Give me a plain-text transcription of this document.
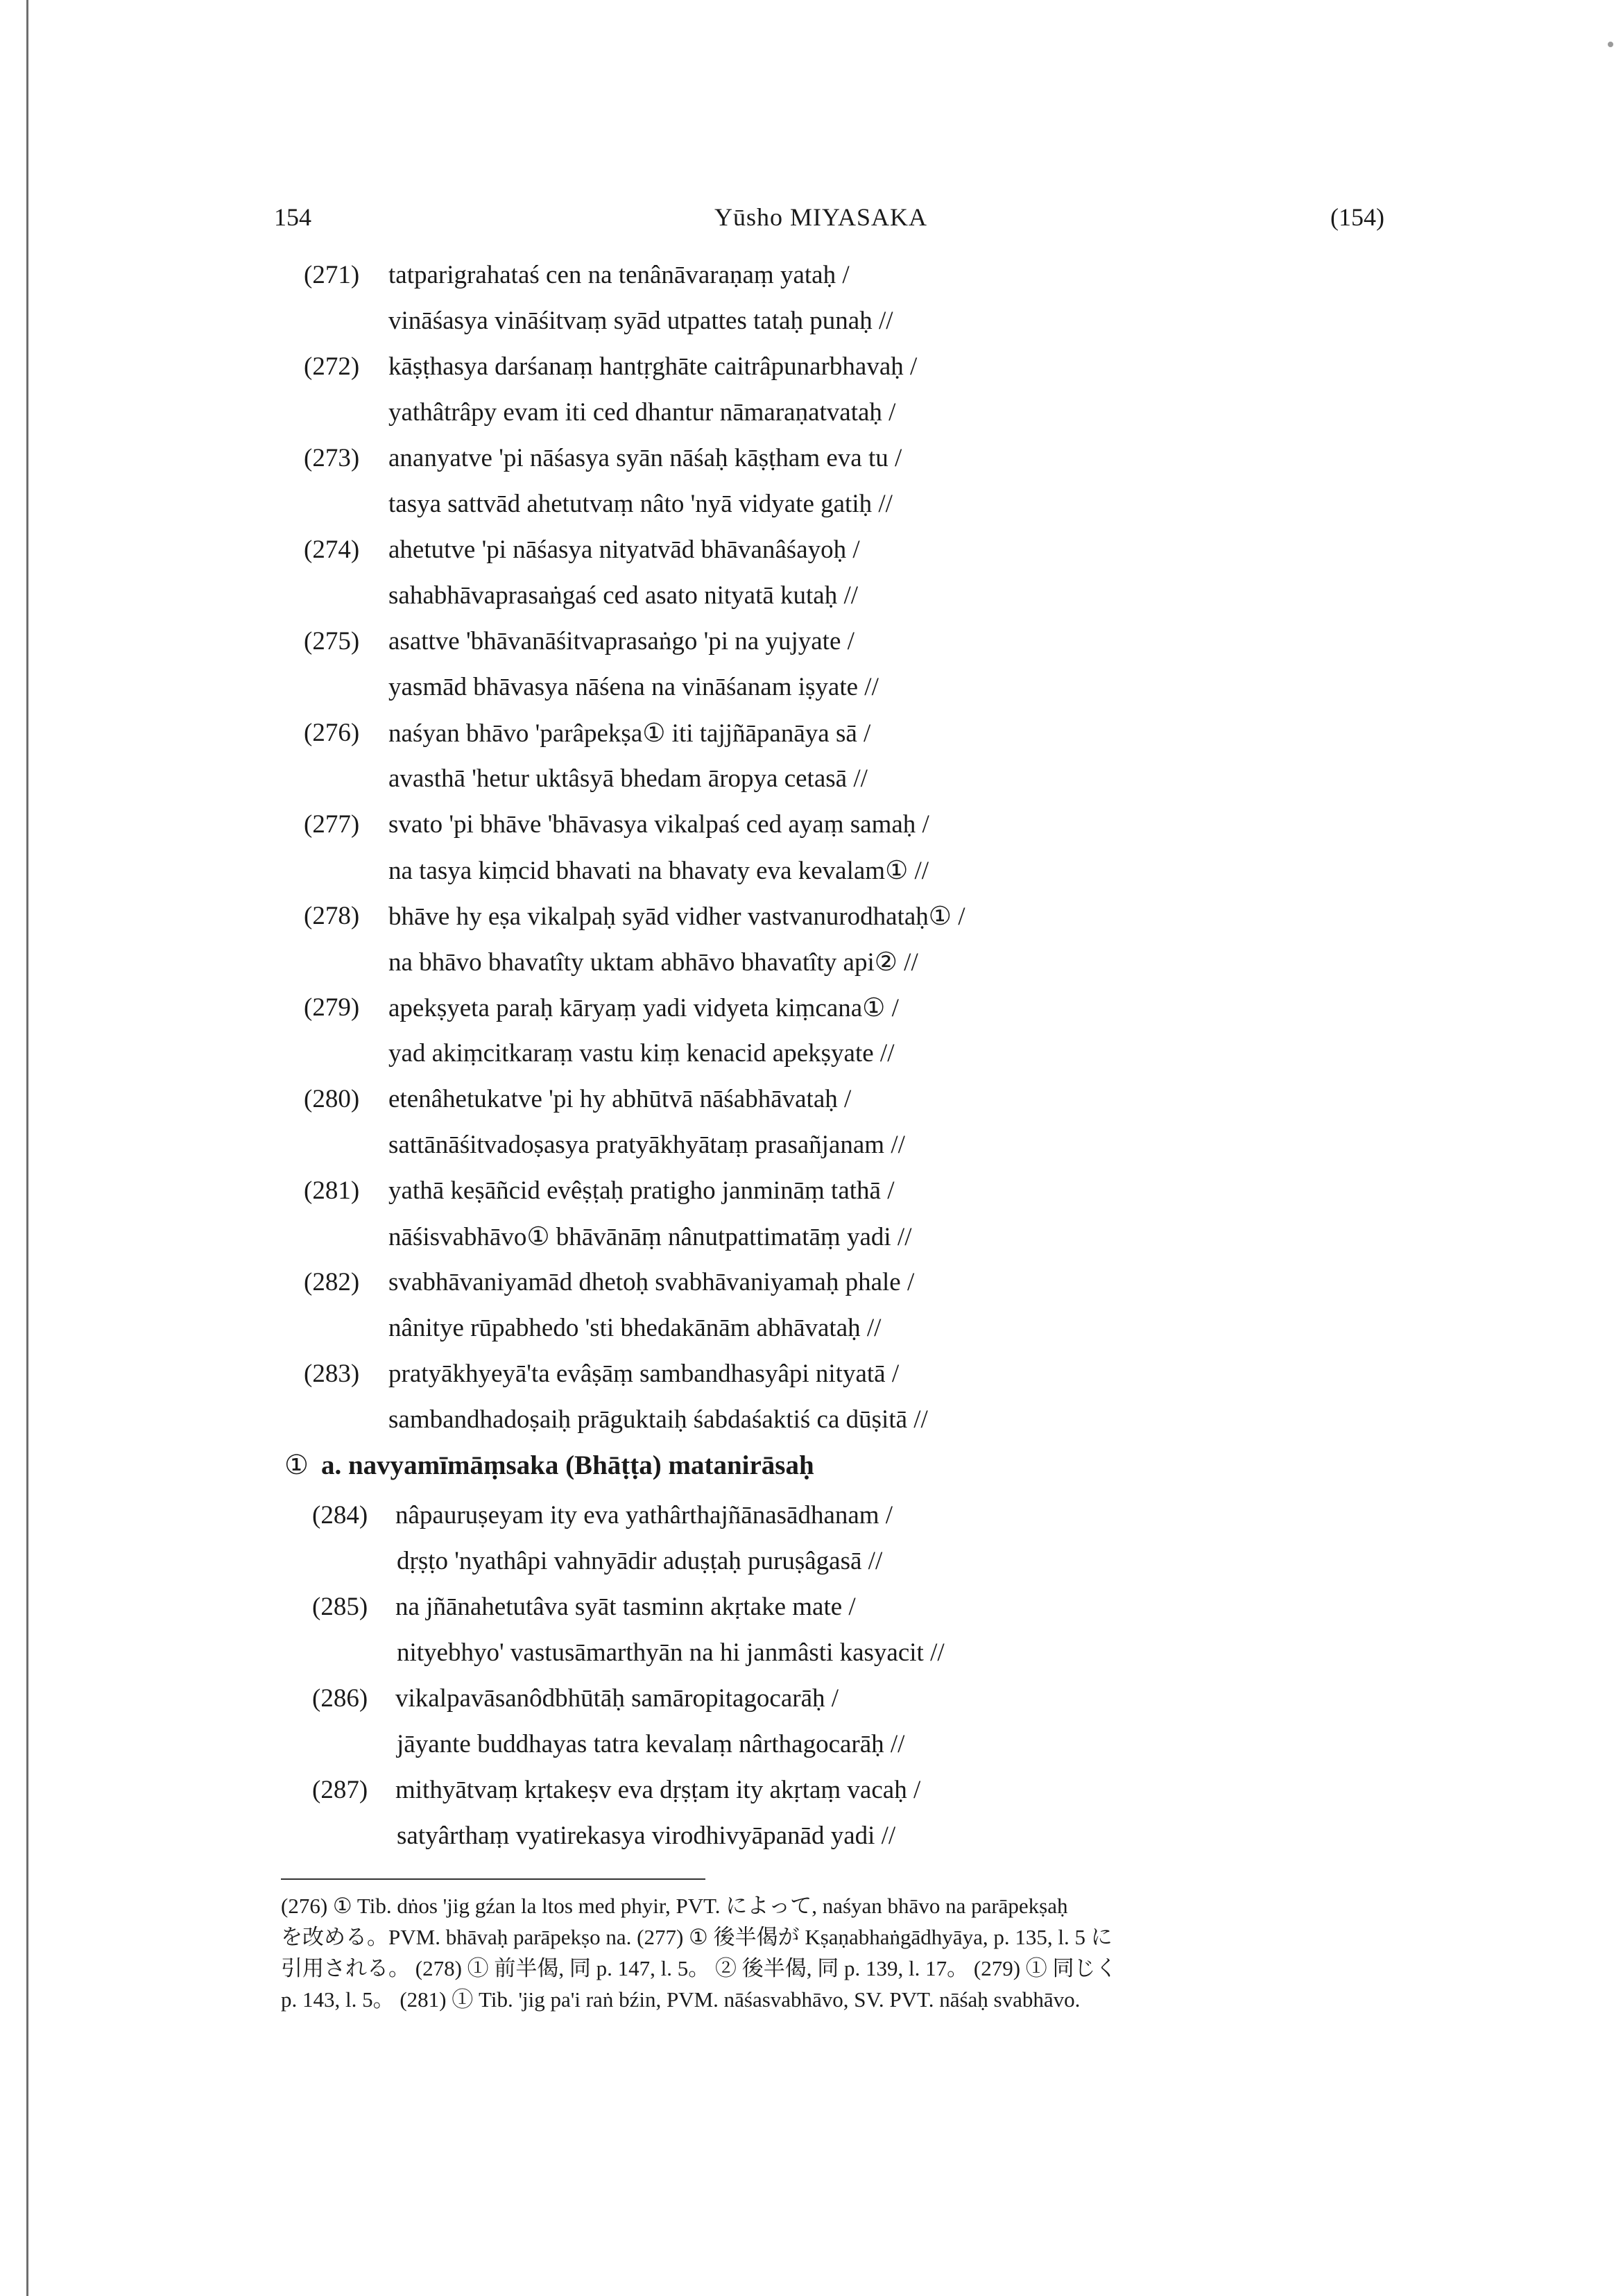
154	Yūsho MIYASAKA	(154)
(271) tatparigrahataś cen na tenânāvaraṇaṃ yataḥ /
vināśasya vināśitvaṃ syād utpattes tataḥ punaḥ //
(272) kāṣṭhasya darśanaṃ hantṛghāte caitrâpunarbhavaḥ /
yathâtrâpy evam iti ced dhantur nāmaraṇatvataḥ /
(273) ananyatve 'pi nāśasya syān nāśaḥ kāṣṭham eva tu /
tasya sattvād ahetutvaṃ nâto 'nyā vidyate gatiḥ //
(274) ahetutve 'pi nāśasya nityatvād bhāvanâśayoḥ /
sahabhāvaprasaṅgaś ced asato nityatā kutaḥ //
(275) asattve 'bhāvanāśitvaprasaṅgo 'pi na yujyate /
yasmād bhāvasya nāśena na vināśanam iṣyate //
(276) naśyan bhāvo 'parâpekṣa① iti tajjñāpanāya sā /
avasthā 'hetur uktâsyā bhedam āropya cetasā //
(277) svato 'pi bhāve 'bhāvasya vikalpaś ced ayaṃ samaḥ /
na tasya kiṃcid bhavati na bhavaty eva kevalam① //
(278) bhāve hy eṣa vikalpaḥ syād vidher vastvanurodhataḥ① /
na bhāvo bhavatîty uktam abhāvo bhavatîty api② //
(279) apekṣyeta paraḥ kāryaṃ yadi vidyeta kiṃcana① /
yad akiṃcitkaraṃ vastu kiṃ kenacid apekṣyate //
(280) etenâhetukatve 'pi hy abhūtvā nāśabhāvataḥ /
sattānāśitvadoṣasya pratyākhyātaṃ prasañjanam //
(281) yathā keṣāñcid evêṣṭaḥ pratigho janmināṃ tathā /
nāśisvabhāvo① bhāvānāṃ nânutpattimatāṃ yadi //
(282) svabhāvaniyamād dhetoḥ svabhāvaniyamaḥ phale /
nânitye rūpabhedo 'sti bhedakānām abhāvataḥ //
(283) pratyākhyeyā'ta evâṣāṃ sambandhasyâpi nityatā /
sambandhadoṣaiḥ prāguktaiḥ śabdaśaktiś ca dūṣitā //
① a. navyamīmāṃsaka (Bhāṭṭa) matanirāsaḥ
(284) nâpauruṣeyam ity eva yathârthajñānasādhanam /
dṛṣṭo 'nyathâpi vahnyādir aduṣṭaḥ puruṣâgasā //
(285) na jñānahetutâva syāt tasminn akṛtake mate /
nityebhyo' vastusāmarthyān na hi janmâsti kasyacit //
(286) vikalpavāsanôdbhūtāḥ samāropitagocarāḥ /
jāyante buddhayas tatra kevalaṃ nârthagocarāḥ //
(287) mithyātvaṃ kṛtakeṣv eva dṛṣṭam ity akṛtaṃ vacaḥ /
satyârthaṃ vyatirekasya virodhivyāpanād yadi //

(276) ① Tib. dṅos 'jig gźan la ltos med phyir, PVT. によって, naśyan bhāvo na parāpekṣaḥ

を改める。PVM. bhāvaḥ parāpekṣo na. (277) ① 後半偈が Kṣaṇabhaṅgādhyāya, p. 135, l. 5 に

引用される。 (278) ① 前半偈, 同 p. 147, l. 5。 ② 後半偈, 同 p. 139, l. 17。 (279) ① 同じく

p. 143, l. 5。 (281) ① Tib. 'jig pa'i raṅ bźin, PVM. nāśasvabhāvo, SV. PVT. nāśaḥ svabhāvo.
